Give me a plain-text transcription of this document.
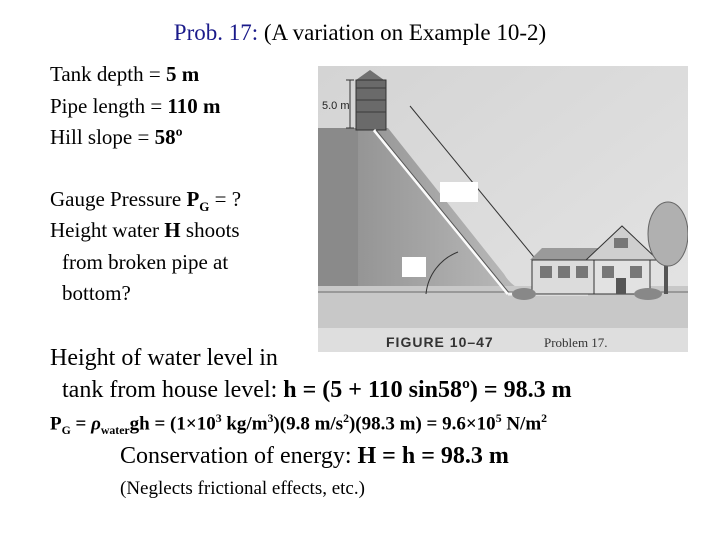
Prob. 17: (A variation on Example 10-2)
Tank depth = 5 m
Pipe length = 110 m
Hill slope = 58º
Gauge Pressure $P_G$ = ?
Height water H shoots
from broken pipe at
bottom?
5.0 m
FIGURE 10–47	Problem 17.
Height of water level in
tank from house level: h = (5 + 110 sin58º) = 98.3 m
$P_G = \rho_{water}gh = (1\times 10^3$ $kg/m^3)(9.8$ $m/s^2)(98.3$ $m) = 9.6\times 10^5$ $N/m^2$
Conservation of energy: H = h = 98.3 m
(Neglects frictional effects, etc.)
